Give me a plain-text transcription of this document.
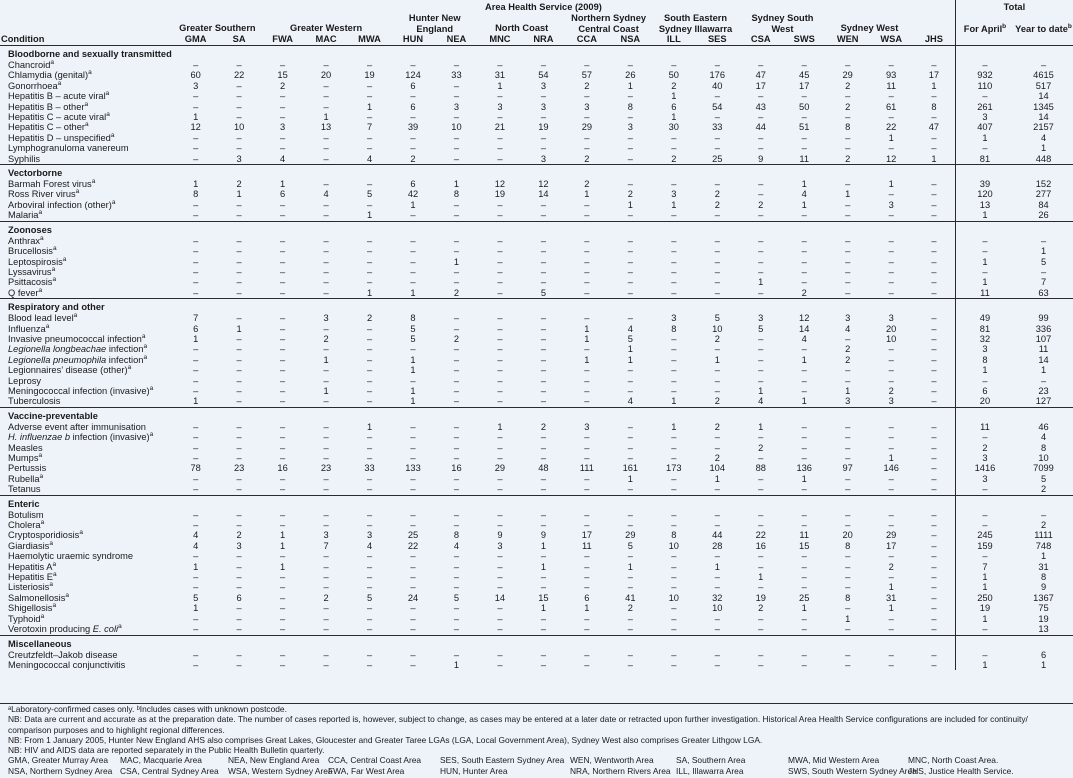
	Area Health Service (2009)																		Total	
	Greater Southern		Greater Western			Hunter New England		North Coast		Northern Sydney Central Coast		South Eastern Sydney Illawarra		Sydney South West		Sydney West			For April$^b$	Year to date$^b$
Condition	GMA	SA	FWA	MAC	MWA	HUN	NEA	MNC	NRA	CCA	NSA	ILL	SES	CSA	SWS	WEN	WSA	JHS		
Bloodborne and sexually transmitted																				
Chancroid$^a$	–	–	–	–	–	–	–	–	–	–	–	–	–	–	–	–	–	–	–	–
Chlamydia (genital)$^a$	60	22	15	20	19	124	33	31	54	57	26	50	176	47	45	29	93	17	932	4615
Gonorrhoea$^a$	3	–	2	–	–	6	–	1	3	2	1	2	40	17	17	2	11	1	110	517
Hepatitis B – acute viral$^a$	–	–	–	–	–	–	–	–	–	–	–	1	–	–	–	–	–	–	–	14
Hepatitis B – other$^a$	–	–	–	–	1	6	3	3	3	3	8	6	54	43	50	2	61	8	261	1345
Hepatitis C – acute viral$^a$	1	–	–	1	–	–	–	–	–	–	–	1	–	–	–	–	–	–	3	14
Hepatitis C – other$^a$	12	10	3	13	7	39	10	21	19	29	3	30	33	44	51	8	22	47	407	2157
Hepatitis D – unspecified$^a$	–	–	–	–	–	–	–	–	–	–	–	–	–	–	–	–	1	–	1	4
Lymphogranuloma vanereum	–	–	–	–	–	–	–	–	–	–	–	–	–	–	–	–	–	–	–	1
Syphilis	–	3	4	–	4	2	–	–	3	2	–	2	25	9	11	2	12	1	81	448
Vectorborne																				
Barmah Forest virus$^a$	1	2	1	–	–	6	1	12	12	2	–	–	–	–	1	–	1	–	39	152
Ross River virus$^a$	8	1	6	4	5	42	8	19	14	1	2	3	2	–	4	1	–	–	120	277
Arboviral infection (other)$^a$	–	–	–	–	–	1	–	–	–	–	1	1	2	2	1	–	3	–	13	84
Malaria$^a$	–	–	–	–	1	–	–	–	–	–	–	–	–	–	–	–	–	–	1	26
Zoonoses																				
Anthrax$^a$	–	–	–	–	–	–	–	–	–	–	–	–	–	–	–	–	–	–	–	–
Brucellosis$^a$	–	–	–	–	–	–	–	–	–	–	–	–	–	–	–	–	–	–	–	1
Leptospirosis$^a$	–	–	–	–	–	–	1	–	–	–	–	–	–	–	–	–	–	–	1	5
Lyssavirus$^a$	–	–	–	–	–	–	–	–	–	–	–	–	–	–	–	–	–	–	–	–
Psittacosis$^a$	–	–	–	–	–	–	–	–	–	–	–	–	–	1	–	–	–	–	1	7
Q fever$^a$	–	–	–	–	1	1	2	–	5	–	–	–	–	–	2	–	–	–	11	63
Respiratory and other																				
Blood lead level$^a$	7	–	–	3	2	8	–	–	–	–	–	3	5	3	12	3	3	–	49	99
Influenza$^a$	6	1	–	–	–	5	–	–	–	1	4	8	10	5	14	4	20	–	81	336
Invasive pneumococcal infection$^a$	1	–	–	2	–	5	2	–	–	1	5	–	2	–	4	–	10	–	32	107
Legionella longbeachae infection$^a$	–	–	–	–	–	–	–	–	–	–	1	–	–	–	–	2	–	–	3	11
Legionella pneumophila infection$^a$	–	–	–	1	–	1	–	–	–	1	1	–	1	–	1	2	–	–	8	14
Legionnaires’ disease (other)$^a$	–	–	–	–	–	1	–	–	–	–	–	–	–	–	–	–	–	–	1	1
Leprosy	–	–	–	–	–	–	–	–	–	–	–	–	–	–	–	–	–	–	–	–
Meningococcal infection (invasive)$^a$	–	–	–	1	–	1	–	–	–	–	–	–	–	1	–	1	2	–	6	23
Tuberculosis	1	–	–	–	–	1	–	–	–	–	4	1	2	4	1	3	3	–	20	127
Vaccine-preventable																				
Adverse event after immunisation	–	–	–	–	1	–	–	1	2	3	–	1	2	1	–	–	–	–	11	46
H. influenzae b infection (invasive)$^a$	–	–	–	–	–	–	–	–	–	–	–	–	–	–	–	–	–	–	–	4
Measles	–	–	–	–	–	–	–	–	–	–	–	–	–	2	–	–	–	–	2	8
Mumps$^a$	–	–	–	–	–	–	–	–	–	–	–	–	2	–	–	–	1	–	3	10
Pertussis	78	23	16	23	33	133	16	29	48	111	161	173	104	88	136	97	146	–	1416	7099
Rubella$^a$	–	–	–	–	–	–	–	–	–	–	1	–	1	–	1	–	–	–	3	5
Tetanus	–	–	–	–	–	–	–	–	–	–	–	–	–	–	–	–	–	–	–	2
Enteric																				
Botulism	–	–	–	–	–	–	–	–	–	–	–	–	–	–	–	–	–	–	–	–
Cholera$^a$	–	–	–	–	–	–	–	–	–	–	–	–	–	–	–	–	–	–	–	2
Cryptosporidiosis$^a$	4	2	1	3	3	25	8	9	9	17	29	8	44	22	11	20	29	–	245	1111
Giardiasis$^a$	4	3	1	7	4	22	4	3	1	11	5	10	28	16	15	8	17	–	159	748
Haemolytic uraemic syndrome	–	–	–	–	–	–	–	–	–	–	–	–	–	–	–	–	–	–	–	1
Hepatitis $A^a$	1	–	1	–	–	–	–	–	1	–	1	–	1	–	–	–	2	–	7	31
Hepatitis $E^a$	–	–	–	–	–	–	–	–	–	–	–	–	–	1	–	–	–	–	1	8
Listeriosis$^a$	–	–	–	–	–	–	–	–	–	–	–	–	–	–	–	–	1	–	1	9
Salmonellosis$^a$	5	6	–	2	5	24	5	14	15	6	41	10	32	19	25	8	31	–	250	1367
Shigellosis$^a$	1	–	–	–	–	–	–	–	1	1	2	–	10	2	1	–	1	–	19	75
Typhoid$^a$	–	–	–	–	–	–	–	–	–	–	–	–	–	–	–	1	–	–	1	19
Verotoxin producing E. coli$^a$	–	–	–	–	–	–	–	–	–	–	–	–	–	–	–	–	–	–	–	13
Miscellaneous																				
Creutzfeldt–Jakob disease	–	–	–	–	–	–	–	–	–	–	–	–	–	–	–	–	–	–	–	6
Meningococcal conjunctivitis	–	–	–	–	–	–	1	–	–	–	–	–	–	–	–	–	–	–	1	1
ᵃLaboratory-confirmed cases only. ᵇIncludes cases with unknown postcode.
NB: Data are current and accurate as at the preparation date. The number of cases reported is, however, subject to change, as cases may be entered at a later date or retracted upon further investigation. Historical Area Health Service configurations are included for continuity/
comparison purposes and to highlight regional differences.
NB: From 1 January 2005, Hunter New England AHS also comprises Great Lakes, Gloucester and Greater Taree LGAs (LGA, Local Government Area), Sydney West also comprises Greater Lithgow LGA.
NB: HIV and AIDS data are reported separately in the Public Health Bulletin quarterly.
GMA, Greater Murray Area	MAC, Macquarie Area	NEA, New England Area	CCA, Central Coast Area	SES, South Eastern Sydney Area WEN, Wentworth Area	SA, Southern Area	MWA, Mid Western Area	MNC, North Coast Area.
NSA, Northern Sydney Area CSA, Central Sydney Area	WSA, Western Sydney Area
FWA, Far West Area	HUN, Hunter Area	NRA, Northern Rivers Area ILL, Illawarra Area	SWS, South Western Sydney Area
JHS, Justice Health Service.
